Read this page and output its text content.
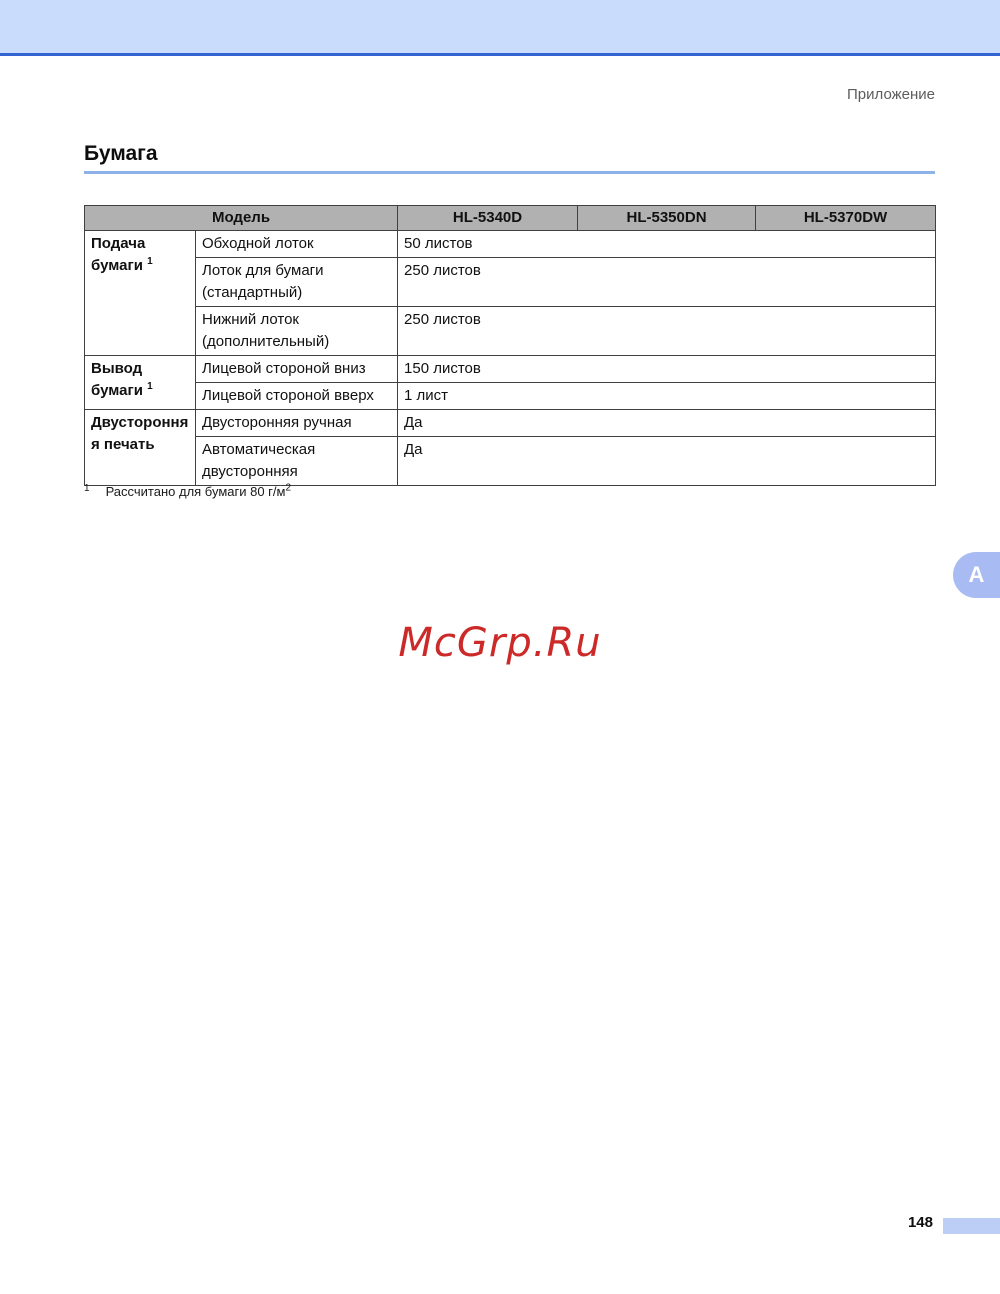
Приложение
Бумага
Модель		HL-5340D	HL-5350DN	HL-5370DW
Подача бумаги $^1$	Обходной лоток	50 листов		
	Лоток для бумаги (стандартный)	250 листов		
	Нижний лоток (дополнительный)	250 листов		
Вывод бумаги $^1$	Лицевой стороной вниз	150 листов		
	Лицевой стороной вверх	1 лист		
Двусторонняя печать	Двусторонняя ручная	Да		
	Автоматическая двусторонняя	Да		
$^1$ Рассчитано для бумаги 80 $г/м^2$
A
McGrp.Ru
148
